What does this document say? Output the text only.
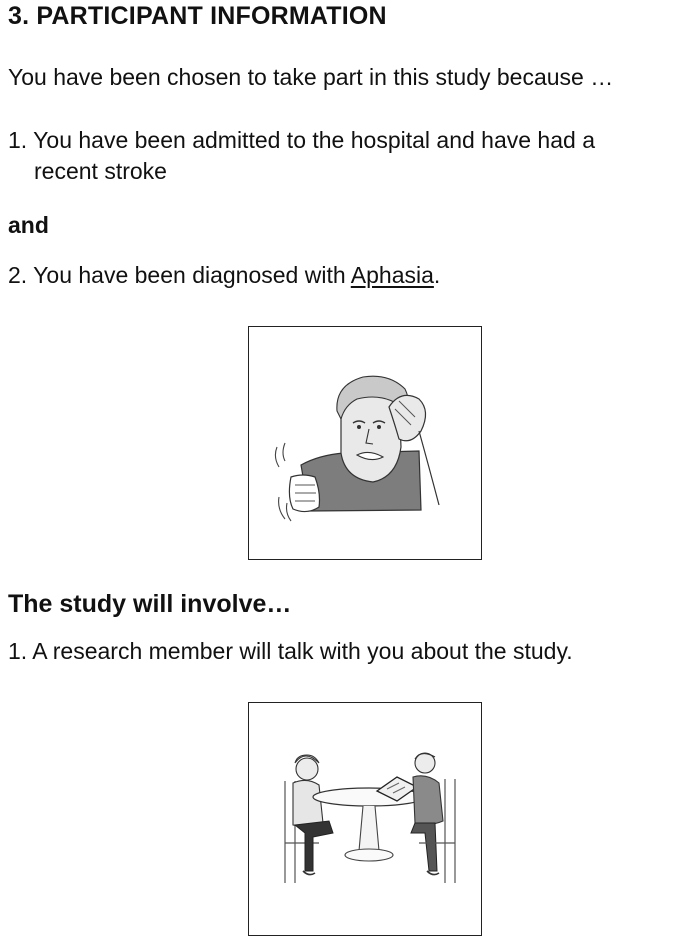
3. PARTICIPANT INFORMATION
You have been chosen to take part in this study because …
1. You have been admitted to the hospital and have had a
recent stroke
and
2. You have been diagnosed with Aphasia.
The study will involve…
1. A research member will talk with you about the study.
